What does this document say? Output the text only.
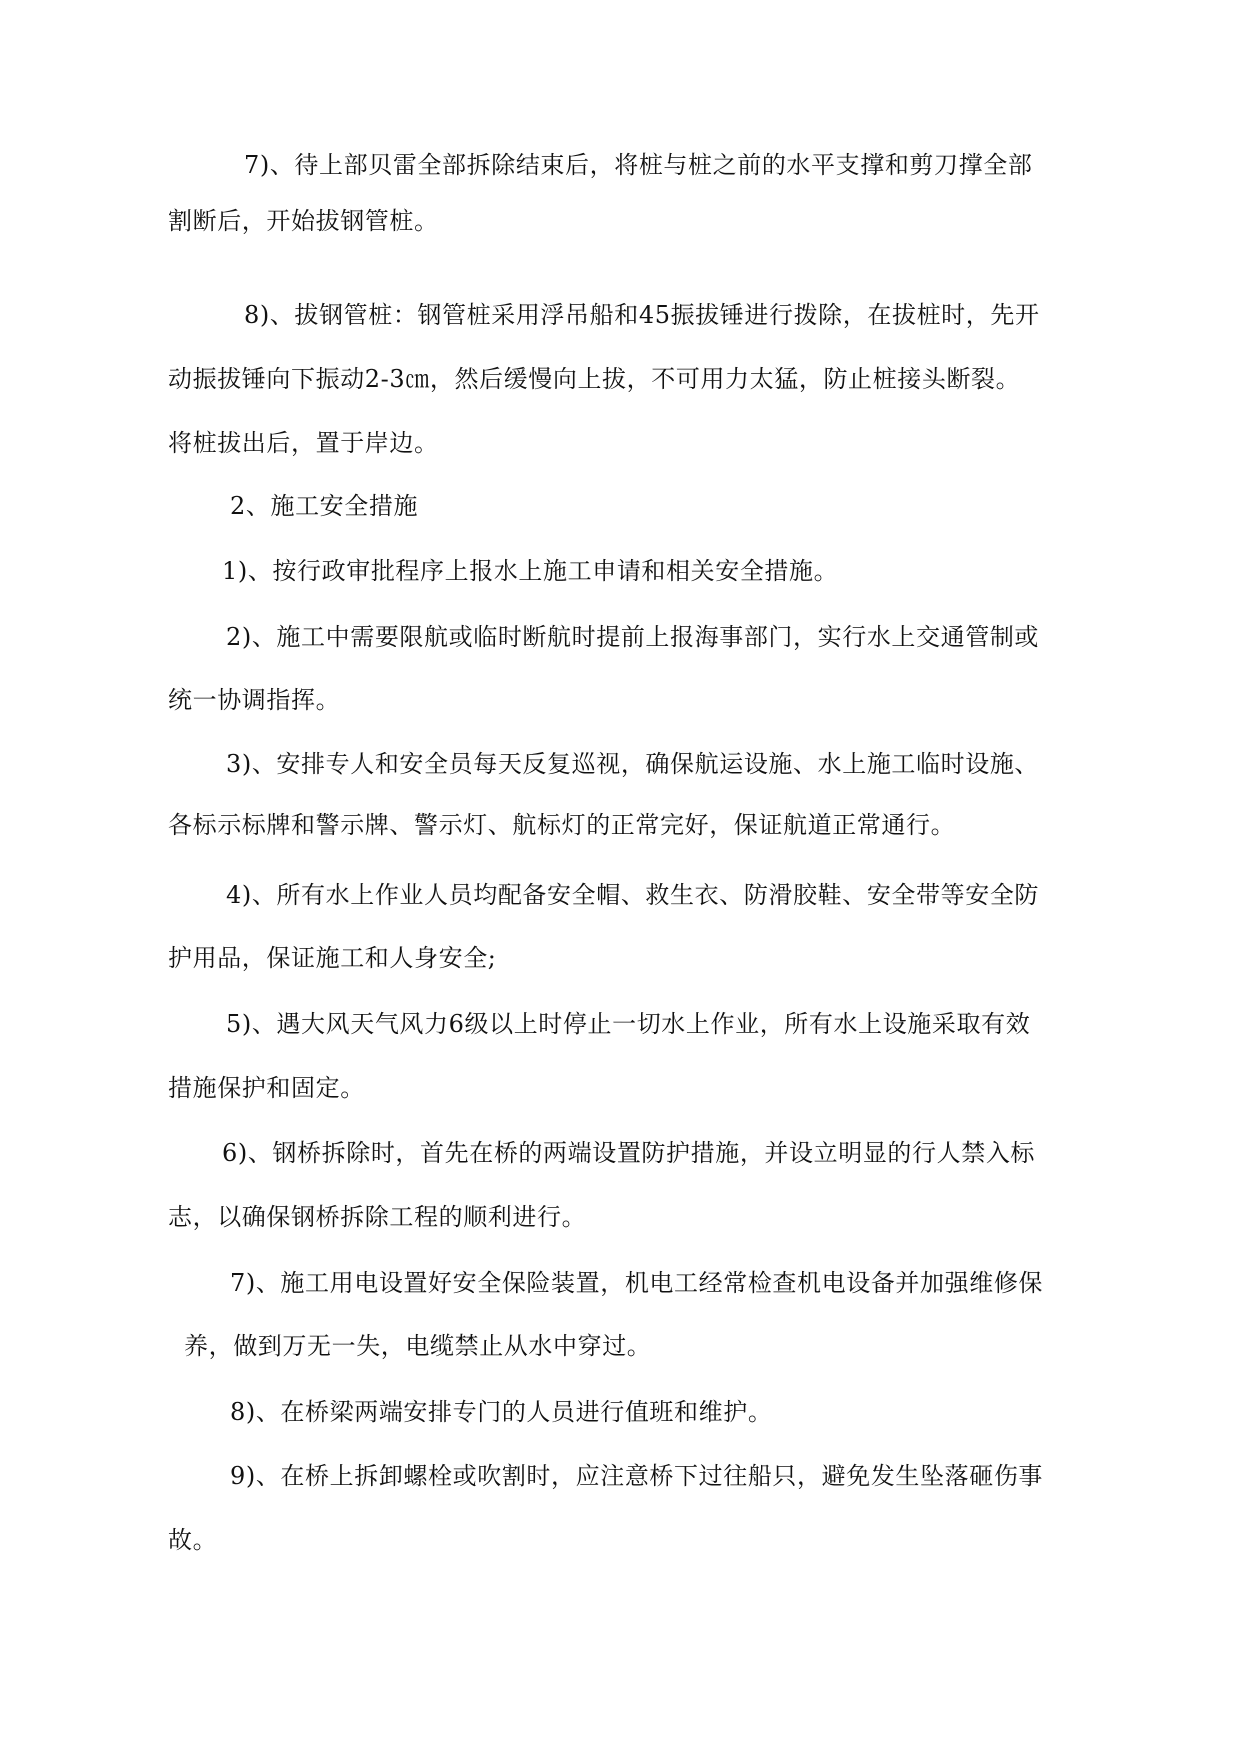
7)、待上部贝雷全部拆除结束后，将桩与桩之前的水平支撑和剪刀撑全部
割断后，开始拔钢管桩。
8)、拔钢管桩：钢管桩采用浮吊船和45振拔锤进行拨除，在拔桩时，先开
动振拔锤向下振动2-3㎝，然后缓慢向上拔，不可用力太猛，防止桩接头断裂。
将桩拔出后，置于岸边。
2、施工安全措施
1)、按行政审批程序上报水上施工申请和相关安全措施。
2)、施工中需要限航或临时断航时提前上报海事部门，实行水上交通管制或
统一协调指挥。
3)、安排专人和安全员每天反复巡视，确保航运设施、水上施工临时设施、
各标示标牌和警示牌、警示灯、航标灯的正常完好，保证航道正常通行。
4)、所有水上作业人员均配备安全帽、救生衣、防滑胶鞋、安全带等安全防
护用品，保证施工和人身安全;
5)、遇大风天气风力6级以上时停止一切水上作业，所有水上设施采取有效
措施保护和固定。
6)、钢桥拆除时，首先在桥的两端设置防护措施，并设立明显的行人禁入标
志，以确保钢桥拆除工程的顺利进行。
7)、施工用电设置好安全保险装置，机电工经常检查机电设备并加强维修保
养，做到万无一失，电缆禁止从水中穿过。
8)、在桥梁两端安排专门的人员进行值班和维护。
9)、在桥上拆卸螺栓或吹割时，应注意桥下过往船只，避免发生坠落砸伤事
故。
